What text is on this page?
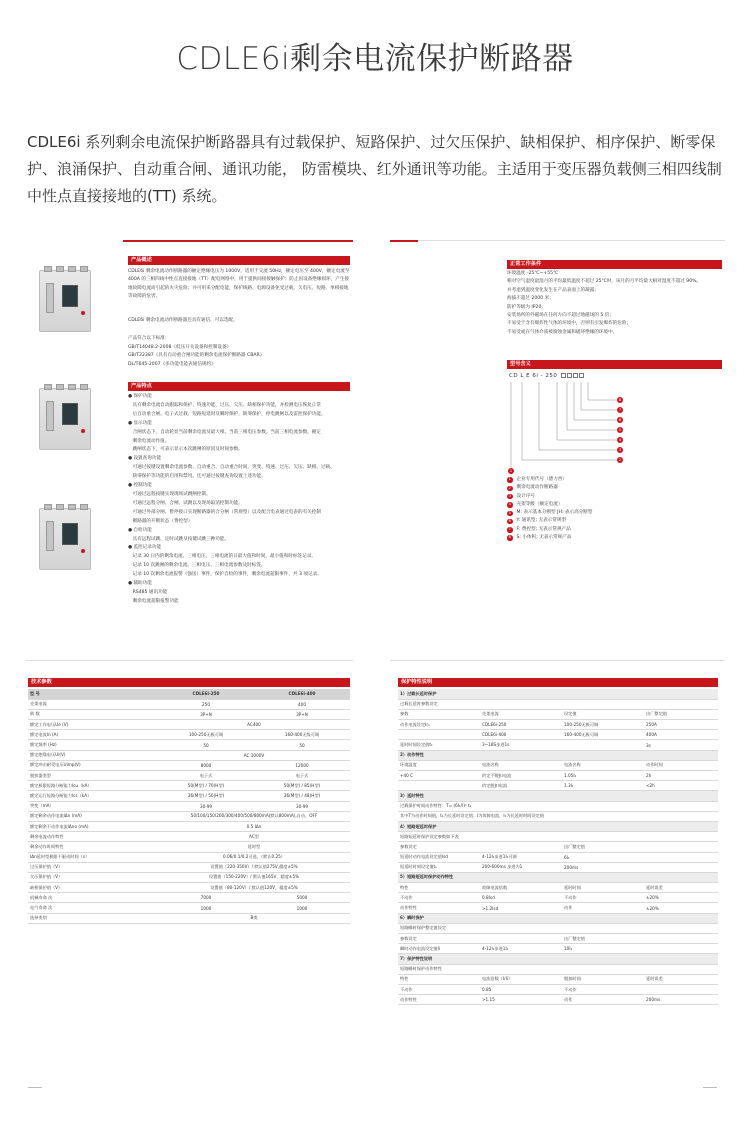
CDLE6i剩余电流保护断路器
CDLE6i 系列剩余电流保护断路器具有过载保护、短路保护、过欠压保护、缺相保护、相序保护、断零保护、浪涌保护、自动重合闸、通讯功能， 防雷模块、红外通讯等功能。主适用于变压器负载侧三相四线制中性点直接接地的(TT) 系统。
产品概述
CDLE6i 剩余电流动作断路器的额定绝缘电压为 1000V，适用于交流 50Hz，额定电压至 400V，额定电流至 400A 的三相四线中性点直接接地（TT）配电网络中，用于提供间接接触保护；防止因设备绝缘损坏，产生接地故障电流而引起的火灾危险；并可用来分配电能，保护线路、电源设备免受过载、欠电压、短路、单相接地等故障的危害。
CDLE6i 剩余电流动作断路器还具有通信、可以选配。
产品符合以下标准：
GB/T14048.2-2008《低压开关设备和控制设备》
GB/T22387《具有自动重合闸功能的剩余电流保护断路器 CBAR》
DL/T645-2007《多功能电能表通信规约》
产品特点
● 保护功能
　具有剩余电流自动跟踪和保护、特速功能、过压、欠压、缺相保护功能，并检测电压恢复正常
　后自动重合闸。电子式过载、短路短延时及瞬时保护，缺零保护，停电跳闸以及雷控保护功能。
● 显示功能
　合闸状态下，自动轮显当前剩余电流及最大相。当前三相电压参数。当前三相电流参数。额定
　剩余电流动作值。
　跳闸状态下，可表示显示本次跳闸的原因及时间参数。
● 设置查询功能
　可通过按键设置剩余电流参数、自动重合、自动重合时间、突变、特速、过压、欠压、缺相、过载、
　缺零保护等功能的启用和禁用。还可通过按键查询设置上述功能。
● 控制功能
　可通过远程按键实现现场试跳闸控制。
　可通过远程分闸、合闸、试跳以及现场取消控制功能。
　可通过外部分闸、暂停接口实现断路器的合分闸（常规型）以及配合电表通过电表的有关控制
　断路器的开断状态（费控型）
● 自检功能
　具有远程试跳、定时试跳及按键试跳三种功能。
● 监控记录功能
　记录 30 日内的剩余电流、三相电压、三相电流的日最大值和时间，最小值和时标签记录。
　记录 10 次跳闸的剩余电流、三相电压、三相电流参数及时标签。
　记录 10 次剩余电流报警（强送）事件，保护自检的事件，剩余电流超限事件，共 3 项记录。
● 辅助功能
　RS485 通讯功能
　剩余电流超限报警功能
正常工作条件
环境温度 -25℃~+55℃
相对空气湿度最湿月的平均最低温度不超过 25℃时，该月的月平均最大相对湿度不超过 90%。
并考虑到温度变化发生在产品表面上的凝露；
海拔不超过 2000 米；
防护等级为 IP20;
安装场所的外磁场在任何方向不超过地磁场的 5 倍；
不易受于含有爆炸性气体的环境中，否则有引发爆炸的危险；
不易受或在气体介质被腐蚀金属和破坏绝缘的环境中。
型号含义
CD L E 6i - 250
1
2
3
4
5
6
7
8
1	企业专用代号（德力西）
2	剩余电流动作断路器
3	设计序号
4	壳架等级（额定电流）
5	M: 表示基本分断型 JH: 表示高分断型
6	Y: 通讯型; 无表示常规型
7	F: 费控型; 无表示常规产品
8	S: 小体积; 无表示常规产品
技术参数
型 号	CDLE6i-250	CDLE6i-400
壳架电流	250	400
极 数	3P+N	3P+N
额定工作电压Ue (V)	AC400	
额定电流In (A)	100-250无极可调	160-400无级可调
额定频率 (Hz)	50	50
额定绝缘电压Ui(V)	AC 1000V	
额定冲击耐受电压Uimp(V)	8000	12000
脱扣器类型	电子式	电子式
额定极限短路分断能力Icu（kA）	50(M型) / 70(H型)	50(M型) / 85(H型)
额定运行短路分断能力Ics（kA）	36(M型) / 50(H型)	36(M型) / 48(H型)
突变（mA）	30-99	30-99
额定剩余动作电流IΔn (mA)	50/100/150/200/300/400/500/800mA(默认800mA),自动、OFF	
额定剩余不动作电流IΔno (mA)	0.5 IΔn	
剩余电流动作特性	AC型	
剩余动作时间特性	延时型	
IΔn延时型极限不驱动时间（s）	0.06/0.1/0.2可选，（默认0.25）	
过压保护值（V）	设置值（220-350V）/ 默认值275V,精度±5%	
欠压保护值（V）	设置值（150-220V）/ 默认值165V，精度±5%	
缺相保护值（V）	设置值（80-120V）/ 默认值120V，精度±5%	
机械寿命 次	7000	5000
电气寿命 次	1000	1000
选择类别	B类	
保护特性说明
1）过载长延时保护			
过载长延时参数设定			
参数	壳架电流	设定值	出厂整定值
动作电流设定Ir₁	CDLE6i-250	100-250无极可调	250A
	CDLE6i-400	160-400无极可调	400A
延时时间设定值t₁	3~18S步进1s		3s
2）动作特性			
环境温度	电流名称	电流名称	动作时间
+40 C	约定不脱扣电流	1.05I₁	2h
	约定脱扣电流	1.3I₁	<2h
3）延时特性			
过载保护时间动作特性：T= (6I₁/I)² t₁			
其中T为动作时间值，t₁为长延时设定值；I为故障电流，I₁为长延时时间设定值			
4）短路短延时保护			
短路短延时保护设定参数如下表			
参数设定		出厂整定值	
短延时动作电流设定值Isd	4-12I₁步进1I₁可调	6I₁	
短延时时间设定值tₛ	200-600ms 步进为1	200ms	
5）短路短延时保护动作特性			
特性	故障电流倍数	延时时间	延时误差
不动作	0.8Isd	不动作	±20%
动作特性	>1.2Isd	动作	±20%
6）瞬时保护			
短路瞬时保护整定值设定			
参数设定		出厂整定值	
瞬时动作电流设定值Ii	4-12I₁步进1I₁	10I₁	
7）保护特性说明			
短路瞬时保护动作特性			
特性	电流倍数（I/Ii）	脱扣时间	延时误差
不动作	0.85	不动作	
动作特性	>1.15	动作	200ms
